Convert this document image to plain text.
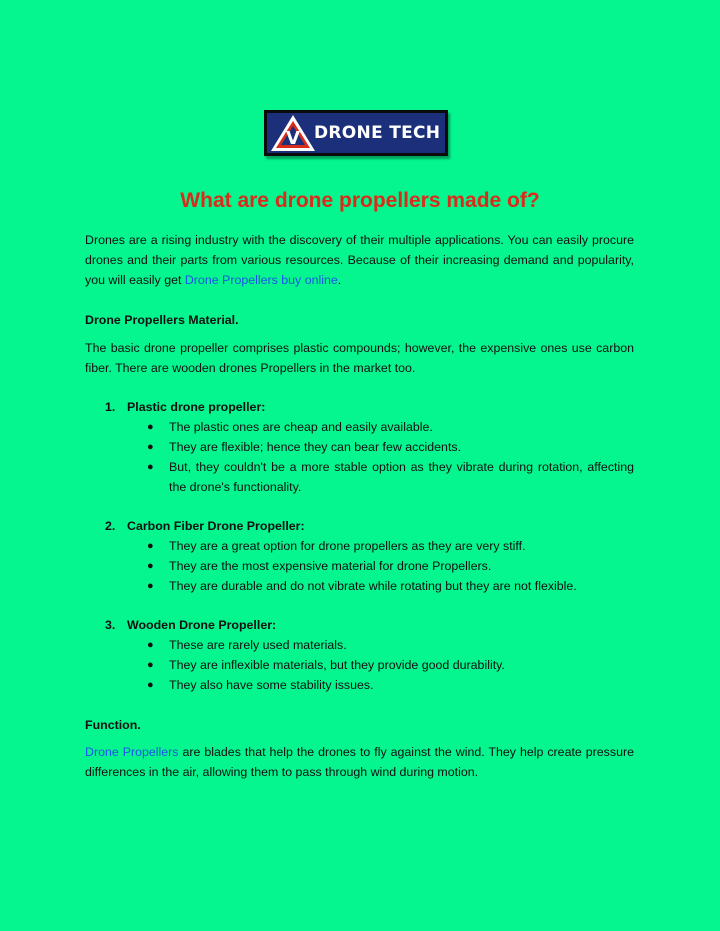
V DRONE TECH
What are drone propellers made of?

Drones are a rising industry with the discovery of their multiple applications. You can easily procure drones and their parts from various resources. Because of their increasing demand and popularity, you will easily get Drone Propellers buy online.

Drone Propellers Material.

The basic drone propeller comprises plastic compounds; however, the expensive ones use carbon fiber. There are wooden drones Propellers in the market too.

1. Plastic drone propeller:

● The plastic ones are cheap and easily available.
● They are flexible; hence they can bear few accidents.
● But, they couldn't be a more stable option as they vibrate during rotation, affecting the drone's functionality.

2. Carbon Fiber Drone Propeller:

● They are a great option for drone propellers as they are very stiff.
● They are the most expensive material for drone Propellers.
● They are durable and do not vibrate while rotating but they are not flexible.

3. Wooden Drone Propeller:

● These are rarely used materials.
● They are inflexible materials, but they provide good durability.
● They also have some stability issues.
Function.

Drone Propellers are blades that help the drones to fly against the wind. They help create pressure differences in the air, allowing them to pass through wind during motion.
